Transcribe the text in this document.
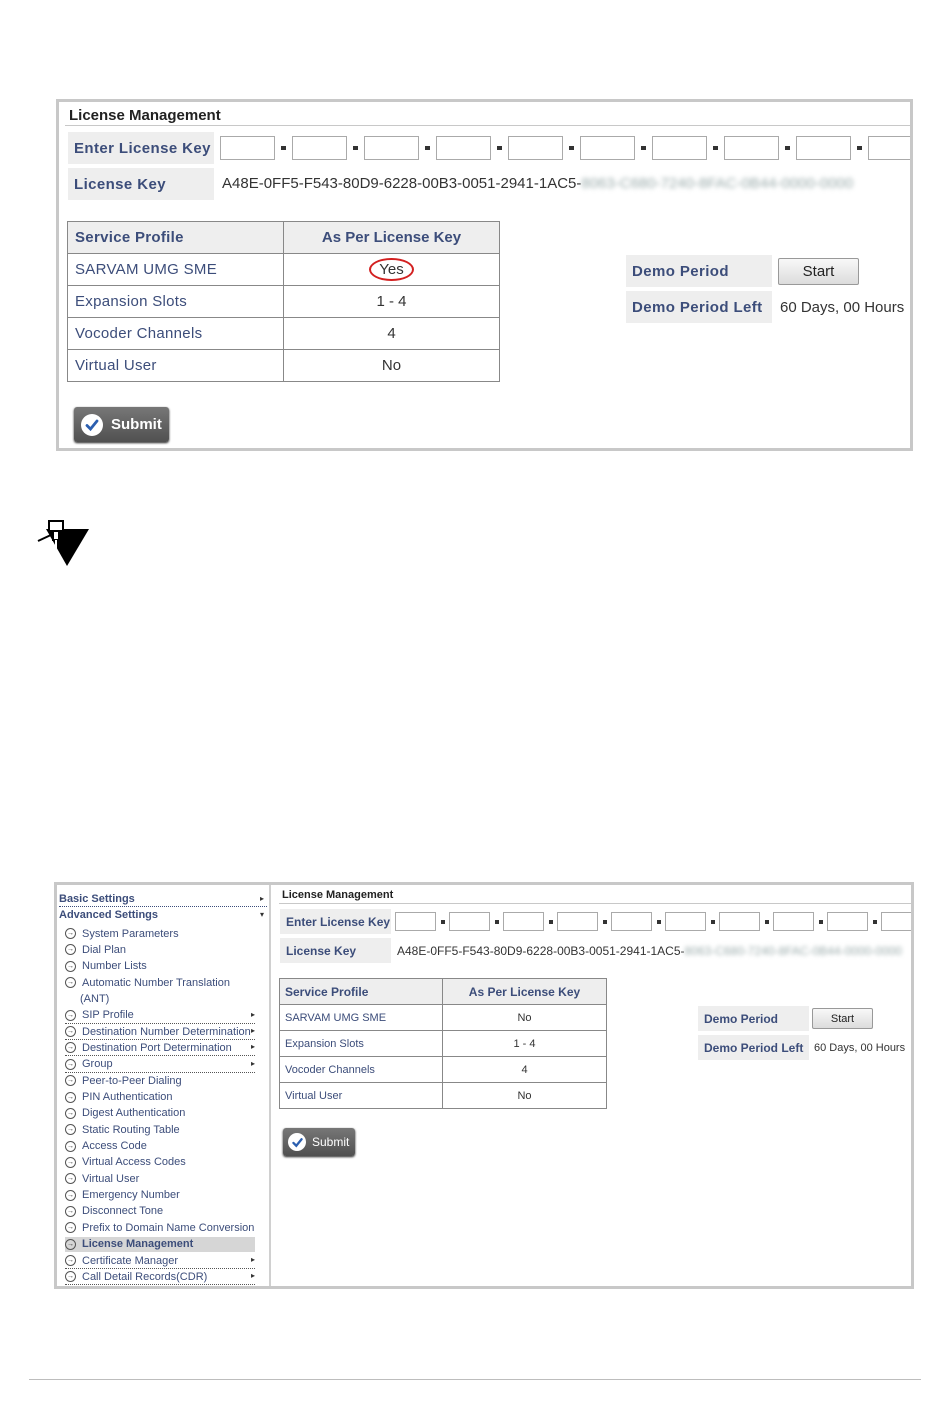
License Management
Enter License Key
License Key	A48E-0FF5-F543-80D9-6228-00B3-0051-2941-1AC5-8063-C680-7240-8FAC-0B44-0000-0000
Service Profile	As Per License Key
SARVAM UMG SME	Yes
Expansion Slots	1 - 4
Vocoder Channels	4
Virtual User	No
Demo Period	Start
Demo Period Left	60 Days, 00 Hours
Submit
Basic Settings	▸
Advanced Settings	▾
→ System Parameters
→ Dial Plan
→ Number Lists
→ Automatic Number Translation
(ANT)
→ SIP Profile	▸
→ Destination Number Determination ▸
→ Destination Port Determination ▸
→ Group	▸
→ Peer-to-Peer Dialing
→ PIN Authentication
→ Digest Authentication
→ Static Routing Table
→ Access Code
→ Virtual Access Codes
→ Virtual User
→ Emergency Number
→ Disconnect Tone
→ Prefix to Domain Name Conversion
→ License Management
→ Certificate Manager	▸
→ Call Detail Records(CDR)	▸
License Management
Enter License Key
License Key	A48E-0FF5-F543-80D9-6228-00B3-0051-2941-1AC5-8063-C680-7240-8FAC-0B44-0000-0000
Service Profile	As Per License Key
SARVAM UMG SME	No
Expansion Slots	1 - 4
Vocoder Channels	4
Virtual User	No
Demo Period	Start
Demo Period Left 60 Days, 00 Hours
Submit
